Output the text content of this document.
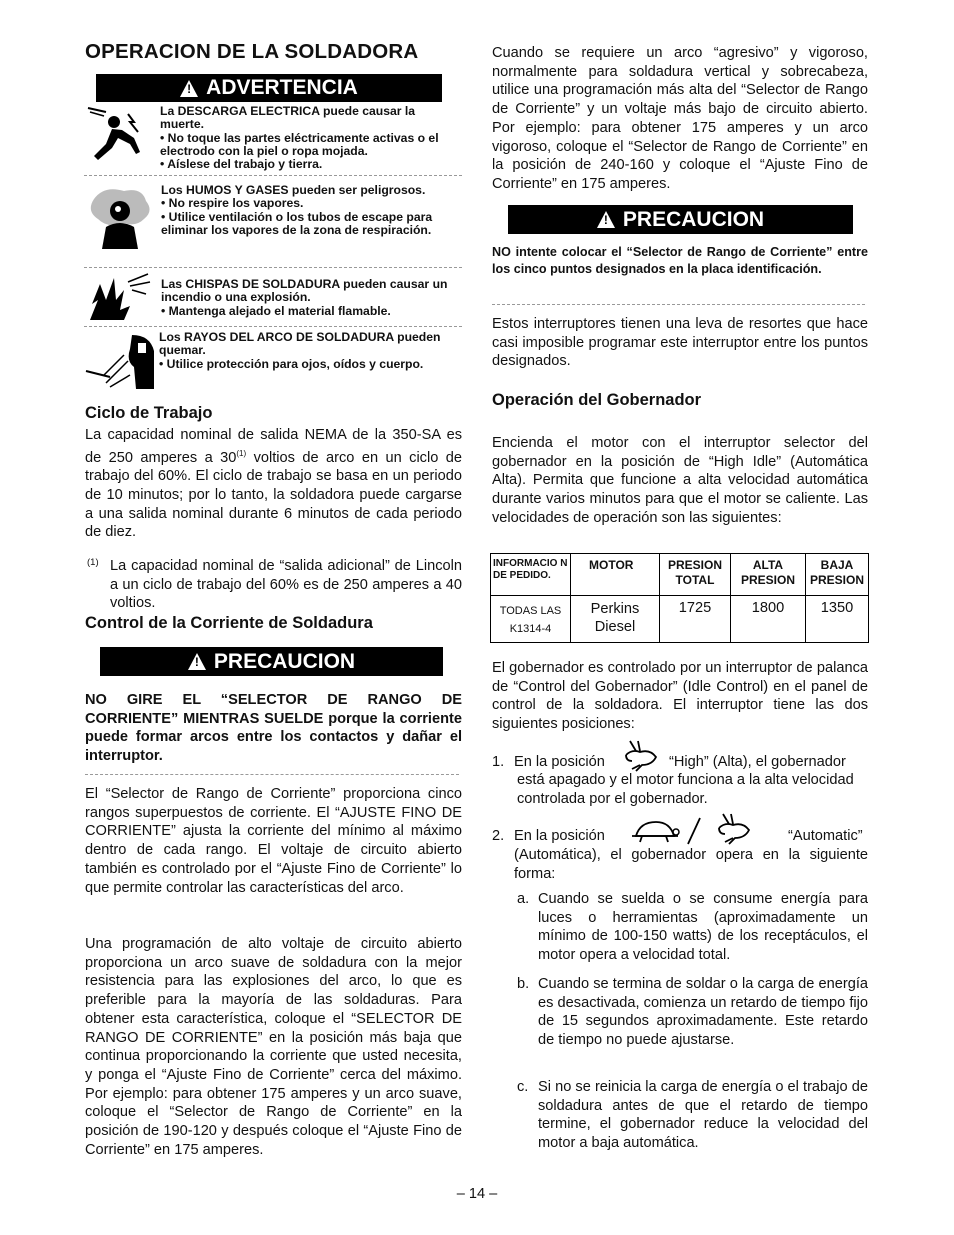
OPERACION DE LA SOLDADORA
! ADVERTENCIA

La DESCARGA ELECTRICA puede causar la muerte.

• No toque las partes eléctricamente activas o el electrodo con la piel o ropa mojada.

• Aíslese del trabajo y tierra.

Los HUMOS Y GASES pueden ser peligrosos.

• No respire los vapores.

• Utilice ventilación o los tubos de escape para eliminar los vapores de la zona de respiración.

Las CHISPAS DE SOLDADURA pueden causar un incendio o una explosión.

• Mantenga alejado el material flamable.

Los RAYOS DEL ARCO DE SOLDADURA pueden quemar.

• Utilice protección para ojos, oídos y cuerpo.

Ciclo de Trabajo
La capacidad nominal de salida NEMA de la 350-SA es de 250 amperes a 30$^{(1)}$ voltios de arco en un ciclo de trabajo del 60%. El ciclo de trabajo se basa en un periodo de 10 minutos; por lo tanto, la soldadora puede cargarse a una salida nominal durante 6 minutos de cada periodo de diez.
(1) La capacidad nominal de “salida adicional” de Lincoln a un ciclo de trabajo del 60% es de 250 amperes a 40 voltios.
Control de la Corriente de Soldadura
! PRECAUCION
NO GIRE EL “SELECTOR DE RANGO DE CORRIENTE” MIENTRAS SUELDE porque la corriente puede formar arcos entre los contactos y dañar el interruptor.
El “Selector de Rango de Corriente” proporciona cinco rangos superpuestos de corriente. El “AJUSTE FINO DE CORRIENTE” ajusta la corriente del mínimo al máximo dentro de cada rango. El voltaje de circuito abierto también es controlado por el “Ajuste Fino de Corriente” lo que permite controlar las características del arco.
Una programación de alto voltaje de circuito abierto proporciona un arco suave de soldadura con la mejor resistencia para las explosiones del arco, lo que es preferible para la mayoría de las soldaduras. Para obtener esta característica, coloque el “SELECTOR DE RANGO DE CORRIENTE” en la posición más baja que continua proporcionando la corriente que usted necesita, y ponga el “Ajuste Fino de Corriente” cerca del máximo. Por ejemplo: para obtener 175 amperes y un arco suave, coloque el “Selector de Rango de Corriente” en la posición de 190-120 y después coloque el “Ajuste Fino de Corriente” en 175 amperes.
Cuando se requiere un arco “agresivo” y vigoroso, normalmente para soldadura vertical y sobrecabeza, utilice una programación más alta del “Selector de Rango de Corriente” y un voltaje más bajo de circuito abierto. Por ejemplo: para obtener 175 amperes y un arco vigoroso, coloque el “Selector de Rango de Corriente” en la posición de 240-160 y coloque el “Ajuste Fino de Corriente” en 175 amperes.
! PRECAUCION
NO intente colocar el “Selector de Rango de Corriente” entre los cinco puntos designados en la placa identificación.
Estos interruptores tienen una leva de resortes que hace casi imposible programar este interruptor entre los puntos designados.
Operación del Gobernador
Encienda el motor con el interruptor selector del gobernador en la posición de “High Idle” (Automática Alta). Permita que funcione a alta velocidad automática durante varios minutos para que el motor se caliente. Las velocidades de operación son las siguientes:
INFORMACIO N DE PEDIDO.	MOTOR	PRESION TOTAL	ALTA PRESION	BAJA PRESION

TODAS LAS K1314-4	Perkins Diesel	1725	1800	1350
El gobernador es controlado por un interruptor de palanca de “Control del Gobernador” (Idle Control) en el panel de control de la soldadora. El interruptor tiene las dos siguientes posiciones:
1. En la posición	“High” (Alta), el gobernador
está apagado y el motor funciona a la alta velocidad controlada por el gobernador.
2. En la posición	“Automatic”
(Automática), el gobernador opera en la siguiente forma:
a. Cuando se suelda o se consume energía para luces o herramientas (aproximadamente un mínimo de 100-150 watts) de los receptáculos, el motor opera a velocidad total.
b. Cuando se termina de soldar o la carga de energía es desactivada, comienza un retardo de tiempo fijo de 15 segundos aproximadamente. Este retardo de tiempo no puede ajustarse.
c. Si no se reinicia la carga de energía o el trabajo de soldadura antes de que el retardo de tiempo termine, el gobernador reduce la velocidad del motor a baja automática.
– 14 –
